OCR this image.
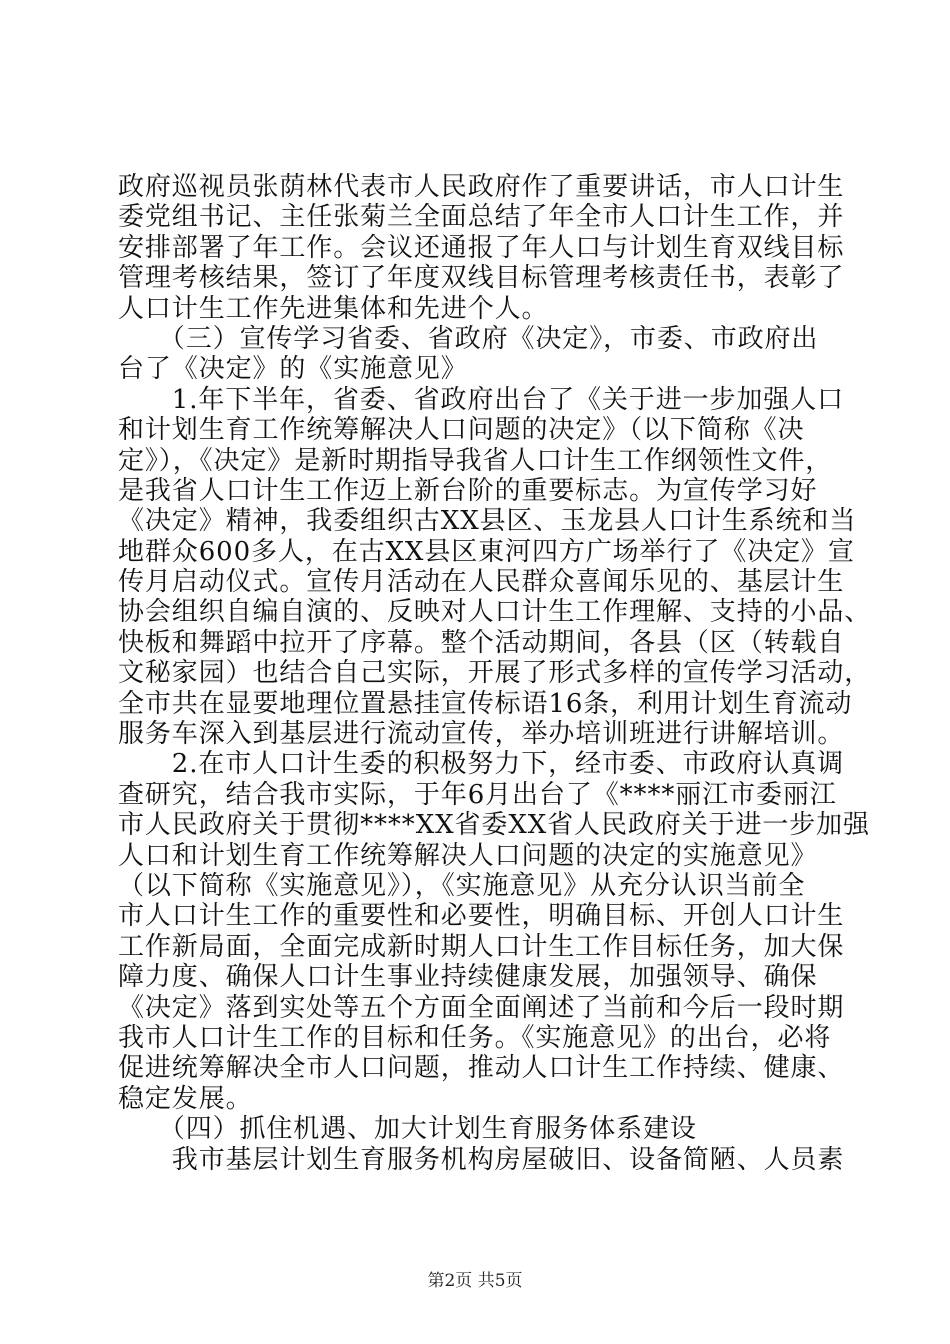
政府巡视员张荫林代表市人民政府作了重要讲话，市人口计生
委党组书记、主任张菊兰全面总结了年全市人口计生工作，并
安排部署了年工作。会议还通报了年人口与计划生育双线目标
管理考核结果，签订了年度双线目标管理考核责任书，表彰了
人口计生工作先进集体和先进个人。
　　（三）宣传学习省委、省政府《决定》，市委、市政府出
台了《决定》的《实施意见》
　　1.年下半年，省委、省政府出台了《关于进一步加强人口
和计划生育工作统筹解决人口问题的决定》（以下简称《决
定》），《决定》是新时期指导我省人口计生工作纲领性文件，
是我省人口计生工作迈上新台阶的重要标志。为宣传学习好
《决定》精神，我委组织古XX县区、玉龙县人口计生系统和当
地群众600多人，在古XX县区東河四方广场举行了《决定》宣
传月启动仪式。宣传月活动在人民群众喜闻乐见的、基层计生
协会组织自编自演的、反映对人口计生工作理解、支持的小品、
快板和舞蹈中拉开了序幕。整个活动期间，各县（区（转载自
文秘家园）也结合自己实际，开展了形式多样的宣传学习活动，
全市共在显要地理位置悬挂宣传标语16条，利用计划生育流动
服务车深入到基层进行流动宣传，举办培训班进行讲解培训。
　　2.在市人口计生委的积极努力下，经市委、市政府认真调
查研究，结合我市实际，于年6月出台了《****丽江市委丽江
市人民政府关于贯彻****XX省委XX省人民政府关于进一步加强
人口和计划生育工作统筹解决人口问题的决定的实施意见》
（以下简称《实施意见》），《实施意见》从充分认识当前全
市人口计生工作的重要性和必要性，明确目标、开创人口计生
工作新局面，全面完成新时期人口计生工作目标任务，加大保
障力度、确保人口计生事业持续健康发展，加强领导、确保
《决定》落到实处等五个方面全面阐述了当前和今后一段时期
我市人口计生工作的目标和任务。《实施意见》的出台，必将
促进统筹解决全市人口问题，推动人口计生工作持续、健康、
稳定发展。
　　（四）抓住机遇、加大计划生育服务体系建设
　　我市基层计划生育服务机构房屋破旧、设备简陋、人员素
第2页 共5页
